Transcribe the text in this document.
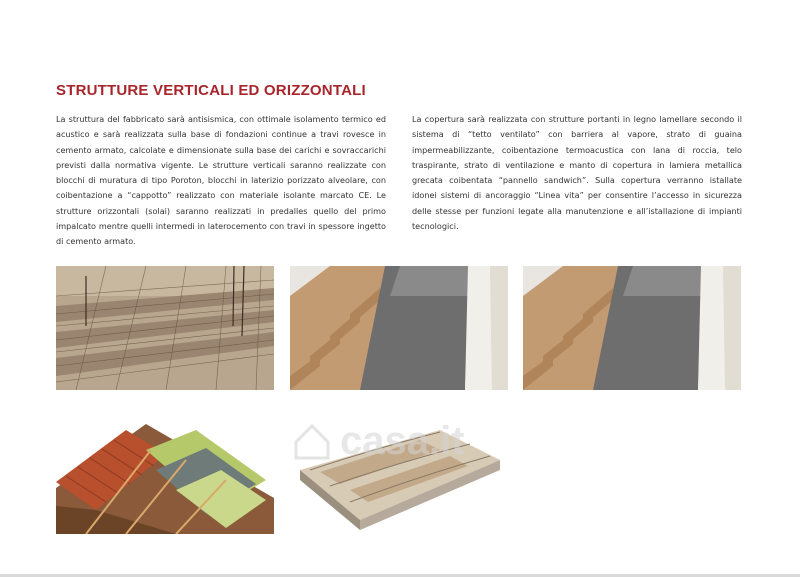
STRUTTURE VERTICALI ED ORIZZONTALI

La struttura del fabbricato sarà antisismica, con ottimale isolamento termico ed acustico e sarà realizzata sulla base di fondazioni continue a travi rovesce in cemento armato, calcolate e dimensionate sulla base dei carichi e sovraccarichi previsti dalla normativa vigente. Le strutture verticali saranno realizzate con blocchi di muratura di tipo Poroton, blocchi in laterizio porizzato alveolare, con coibentazione a “cappotto” realizzato con materiale isolante marcato CE. Le strutture orizzontali (solai) saranno realizzati in predalles quello del primo impalcato mentre quelli intermedi in laterocemento con travi in spessore ingetto di cemento armato.

La copertura sarà realizzata con strutture portanti in legno lamellare secondo il sistema di “tetto ventilato” con barriera al vapore, strato di guaina impermeabilizzante, coibentazione termoacustica con lana di roccia, telo traspirante, strato di ventilazione e manto di copertura in lamiera metallica grecata coibentata “pannello sandwich”. Sulla copertura verranno istallate idonei sistemi di ancoraggio “Linea vita” per consentire l’accesso in sicurezza delle stesse per funzioni legate alla manutenzione e all’istallazione di impianti tecnologici.

casa.it
